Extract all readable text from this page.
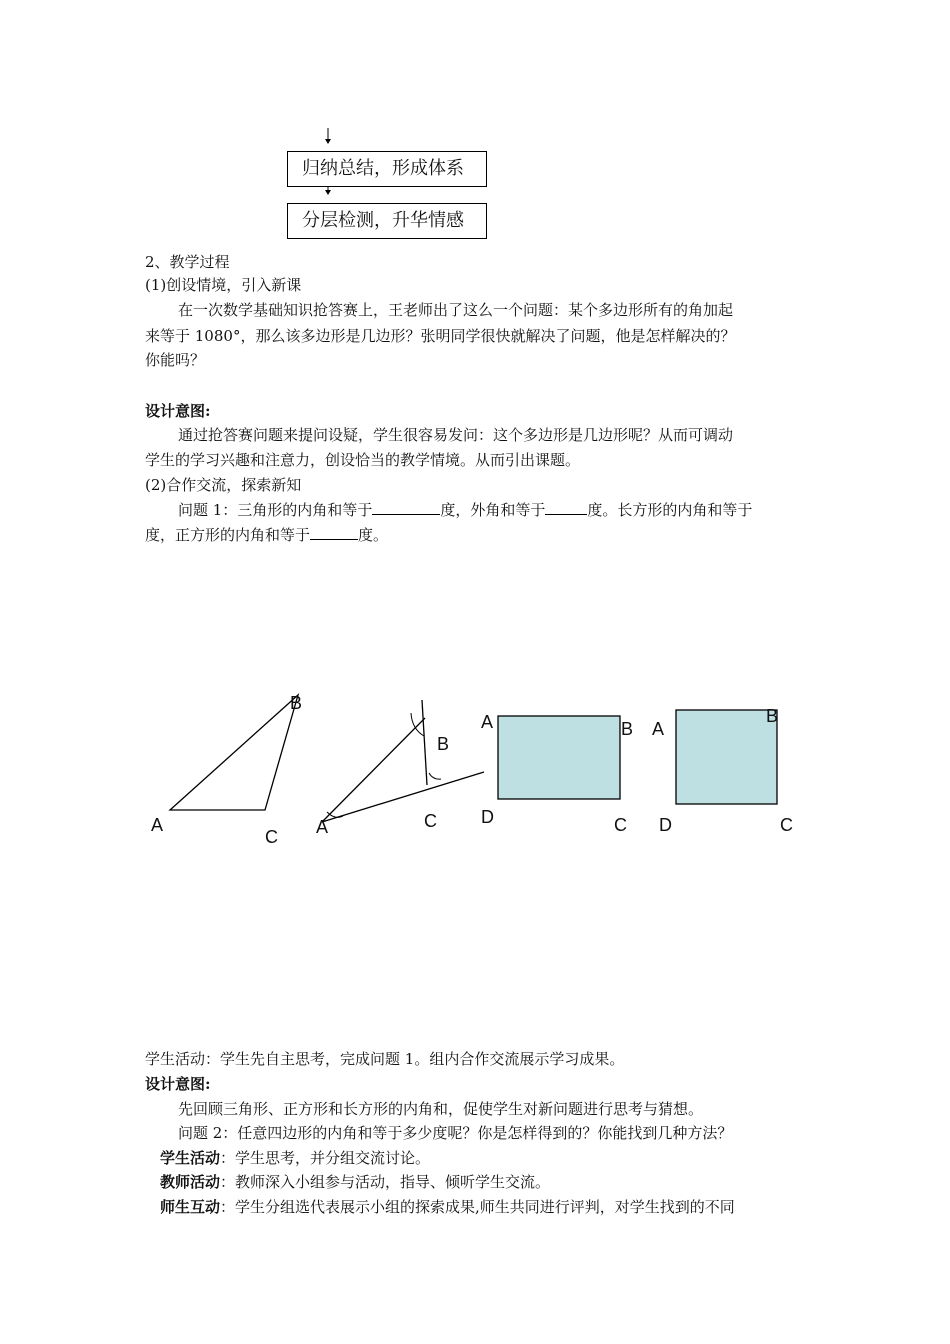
归纳总结，形成体系
分层检测，升华情感
2、教学过程
(1)创设情境，引入新课
在一次数学基础知识抢答赛上，王老师出了这么一个问题：某个多边形所有的角加起
来等于 1080°，那么该多边形是几边形？张明同学很快就解决了问题，他是怎样解决的？
你能吗？
设计意图:
通过抢答赛问题来提问设疑，学生很容易发问：这个多边形是几边形呢？从而可调动
学生的学习兴趣和注意力，创设恰当的教学情境。从而引出课题。
(2)合作交流，探索新知
问题 1：三角形的内角和等于	度，外角和等于	度。长方形的内角和等于
度，正方形的内角和等于	度。
B
A
C
B
A	C
A	B
D	C
A
B
D	C
学生活动：学生先自主思考，完成问题 1。组内合作交流展示学习成果。
设计意图:
先回顾三角形、正方形和长方形的内角和，促使学生对新问题进行思考与猜想。
问题 2：任意四边形的内角和等于多少度呢？你是怎样得到的？你能找到几种方法？
学生活动：学生思考，并分组交流讨论。
教师活动：教师深入小组参与活动，指导、倾听学生交流。
师生互动：学生分组选代表展示小组的探索成果,师生共同进行评判，对学生找到的不同
